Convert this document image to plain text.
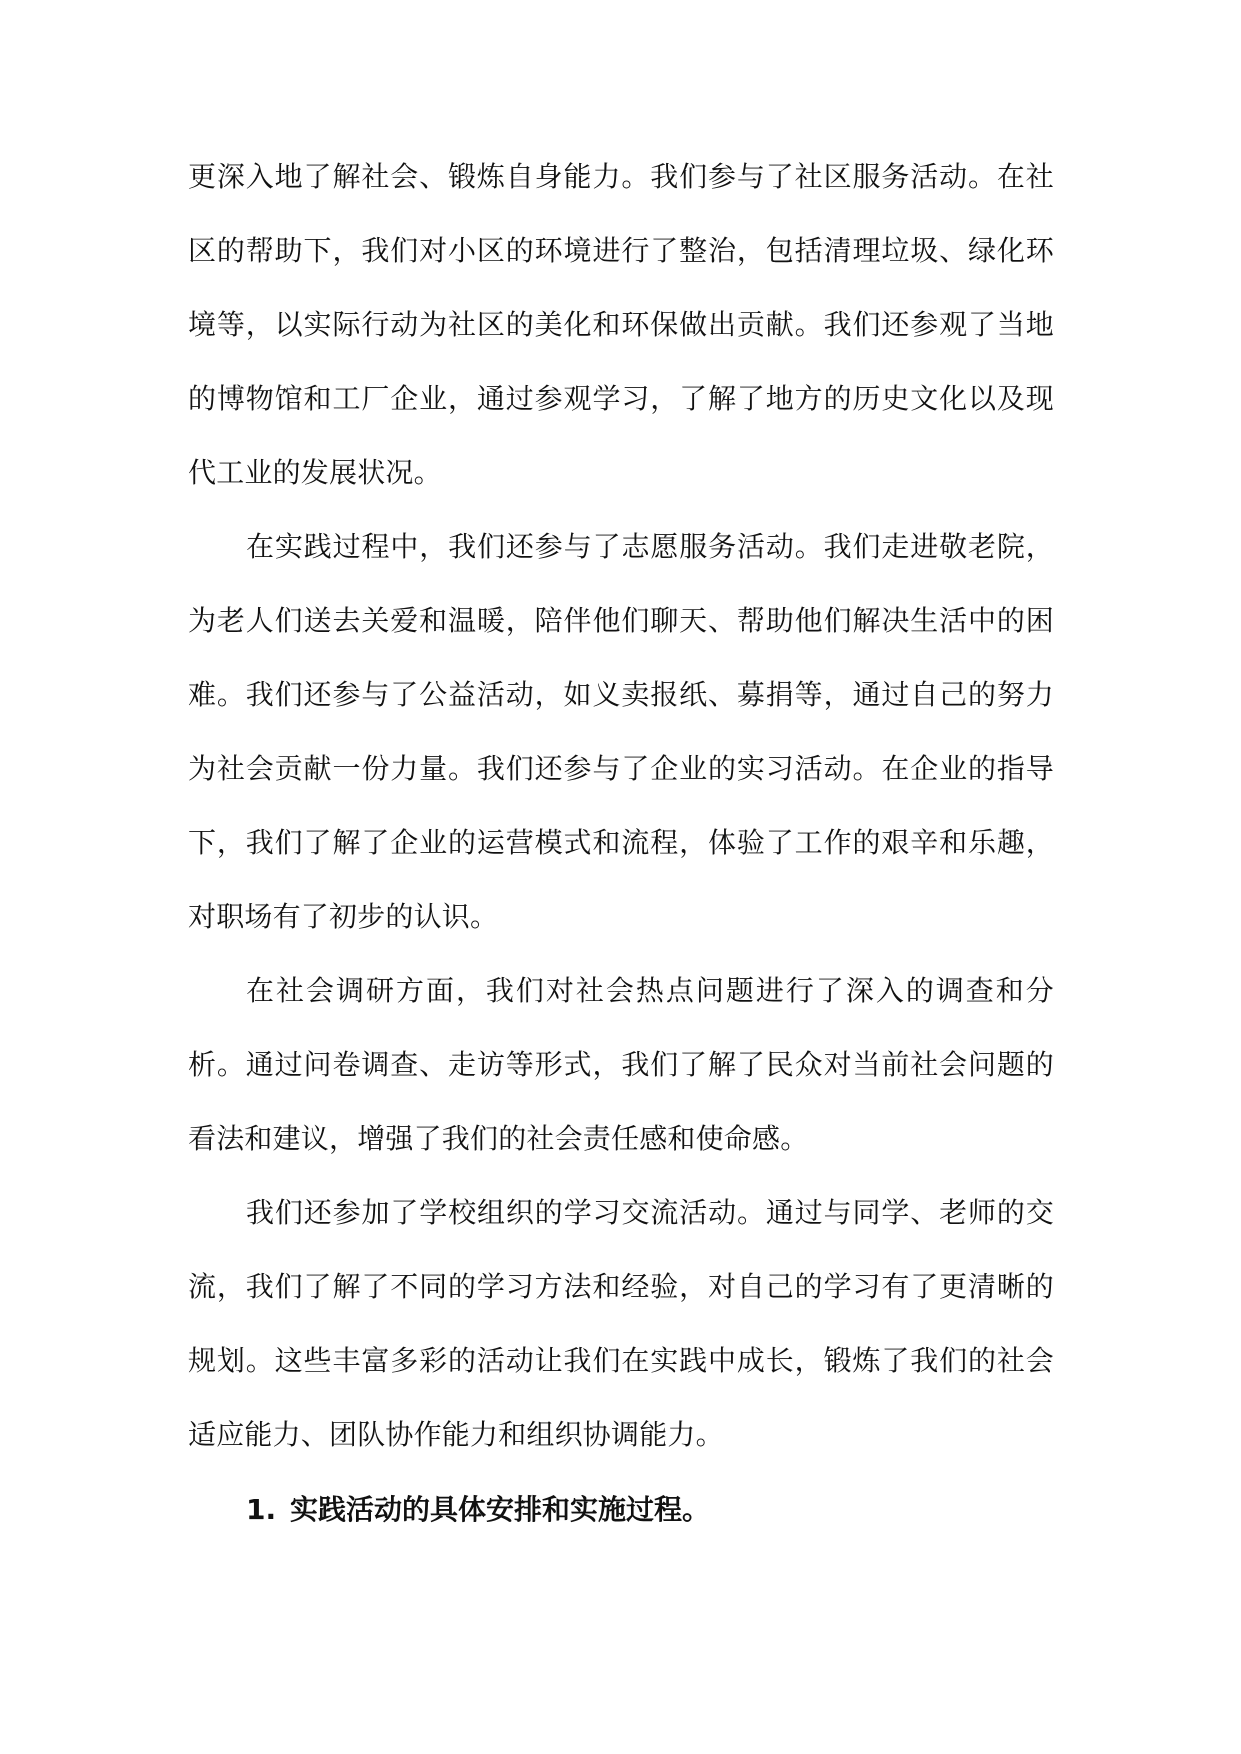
更深入地了解社会、锻炼自身能力。我们参与了社区服务活动。在社区的帮助下，我们对小区的环境进行了整治，包括清理垃圾、绿化环境等，以实际行动为社区的美化和环保做出贡献。我们还参观了当地的博物馆和工厂企业，通过参观学习，了解了地方的历史文化以及现代工业的发展状况。

在实践过程中，我们还参与了志愿服务活动。我们走进敬老院，为老人们送去关爱和温暖，陪伴他们聊天、帮助他们解决生活中的困难。我们还参与了公益活动，如义卖报纸、募捐等，通过自己的努力为社会贡献一份力量。我们还参与了企业的实习活动。在企业的指导下，我们了解了企业的运营模式和流程，体验了工作的艰辛和乐趣，对职场有了初步的认识。

在社会调研方面，我们对社会热点问题进行了深入的调查和分析。通过问卷调查、走访等形式，我们了解了民众对当前社会问题的看法和建议，增强了我们的社会责任感和使命感。

我们还参加了学校组织的学习交流活动。通过与同学、老师的交流，我们了解了不同的学习方法和经验，对自己的学习有了更清晰的规划。这些丰富多彩的活动让我们在实践中成长，锻炼了我们的社会适应能力、团队协作能力和组织协调能力。

1. 实践活动的具体安排和实施过程。
